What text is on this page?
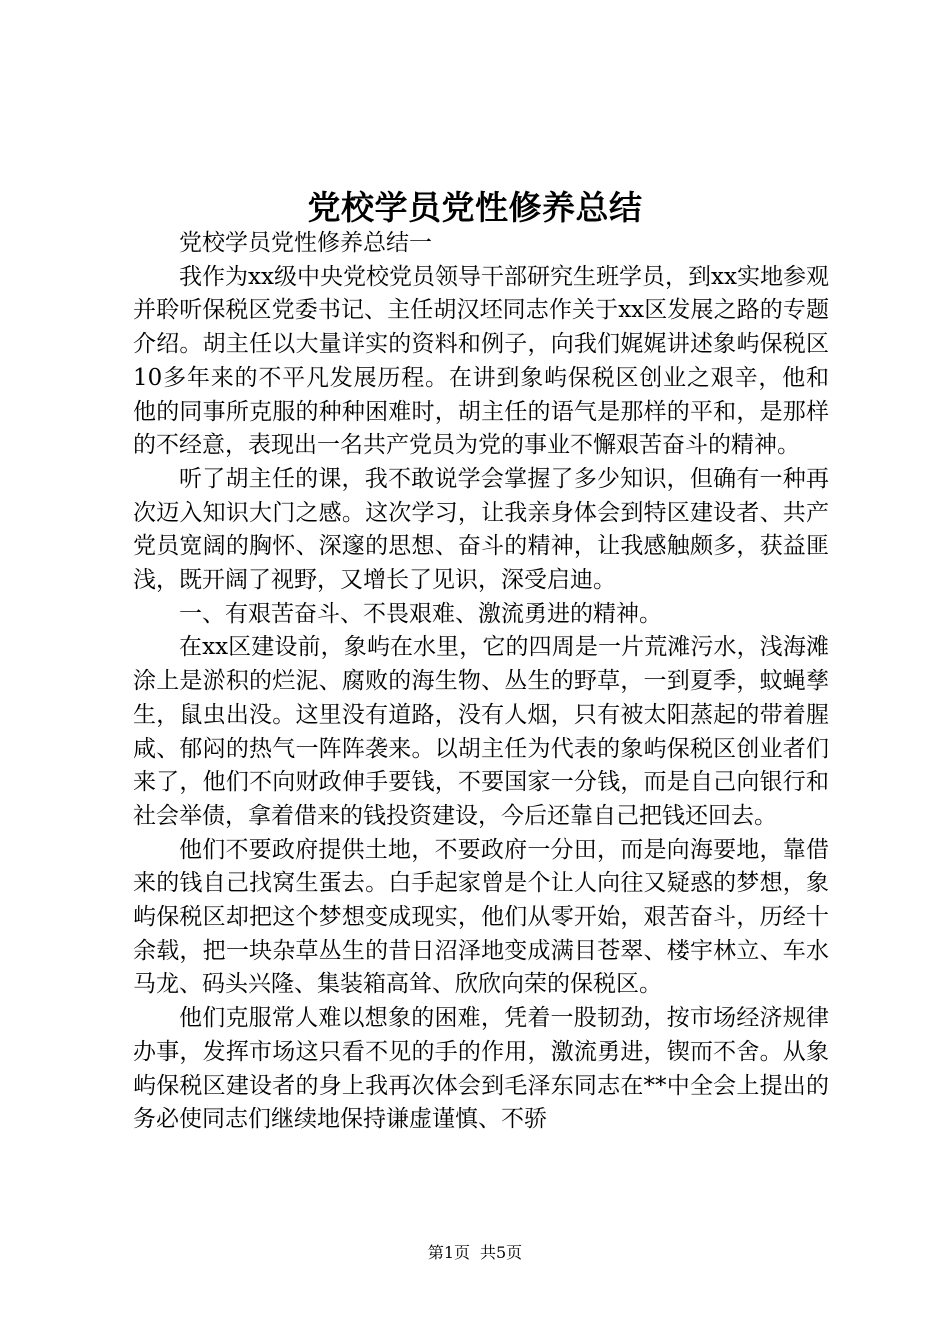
党校学员党性修养总结

党校学员党性修养总结一

我作为xx级中央党校党员领导干部研究生班学员，到xx实地参观并聆听保税区党委书记、主任胡汉坯同志作关于xx区发展之路的专题介绍。胡主任以大量详实的资料和例子，向我们娓娓讲述象屿保税区10多年来的不平凡发展历程。在讲到象屿保税区创业之艰辛，他和他的同事所克服的种种困难时，胡主任的语气是那样的平和，是那样的不经意，表现出一名共产党员为党的事业不懈艰苦奋斗的精神。

听了胡主任的课，我不敢说学会掌握了多少知识，但确有一种再次迈入知识大门之感。这次学习，让我亲身体会到特区建设者、共产党员宽阔的胸怀、深邃的思想、奋斗的精神，让我感触颇多，获益匪浅，既开阔了视野，又增长了见识，深受启迪。

一、有艰苦奋斗、不畏艰难、激流勇进的精神。

在xx区建设前，象屿在水里，它的四周是一片荒滩污水，浅海滩涂上是淤积的烂泥、腐败的海生物、丛生的野草，一到夏季，蚊蝇孳生，鼠虫出没。这里没有道路，没有人烟，只有被太阳蒸起的带着腥咸、郁闷的热气一阵阵袭来。以胡主任为代表的象屿保税区创业者们来了，他们不向财政伸手要钱，不要国家一分钱，而是自己向银行和社会举债，拿着借来的钱投资建设，今后还靠自己把钱还回去。

他们不要政府提供土地，不要政府一分田，而是向海要地，靠借来的钱自己找窝生蛋去。白手起家曾是个让人向往又疑惑的梦想，象屿保税区却把这个梦想变成现实，他们从零开始，艰苦奋斗，历经十余载，把一块杂草丛生的昔日沼泽地变成满目苍翠、楼宇林立、车水马龙、码头兴隆、集装箱高耸、欣欣向荣的保税区。

他们克服常人难以想象的困难，凭着一股韧劲，按市场经济规律办事，发挥市场这只看不见的手的作用，激流勇进，锲而不舍。从象屿保税区建设者的身上我再次体会到毛泽东同志在**中全会上提出的务必使同志们继续地保持谦虚谨慎、不骄

第1页 共5页
